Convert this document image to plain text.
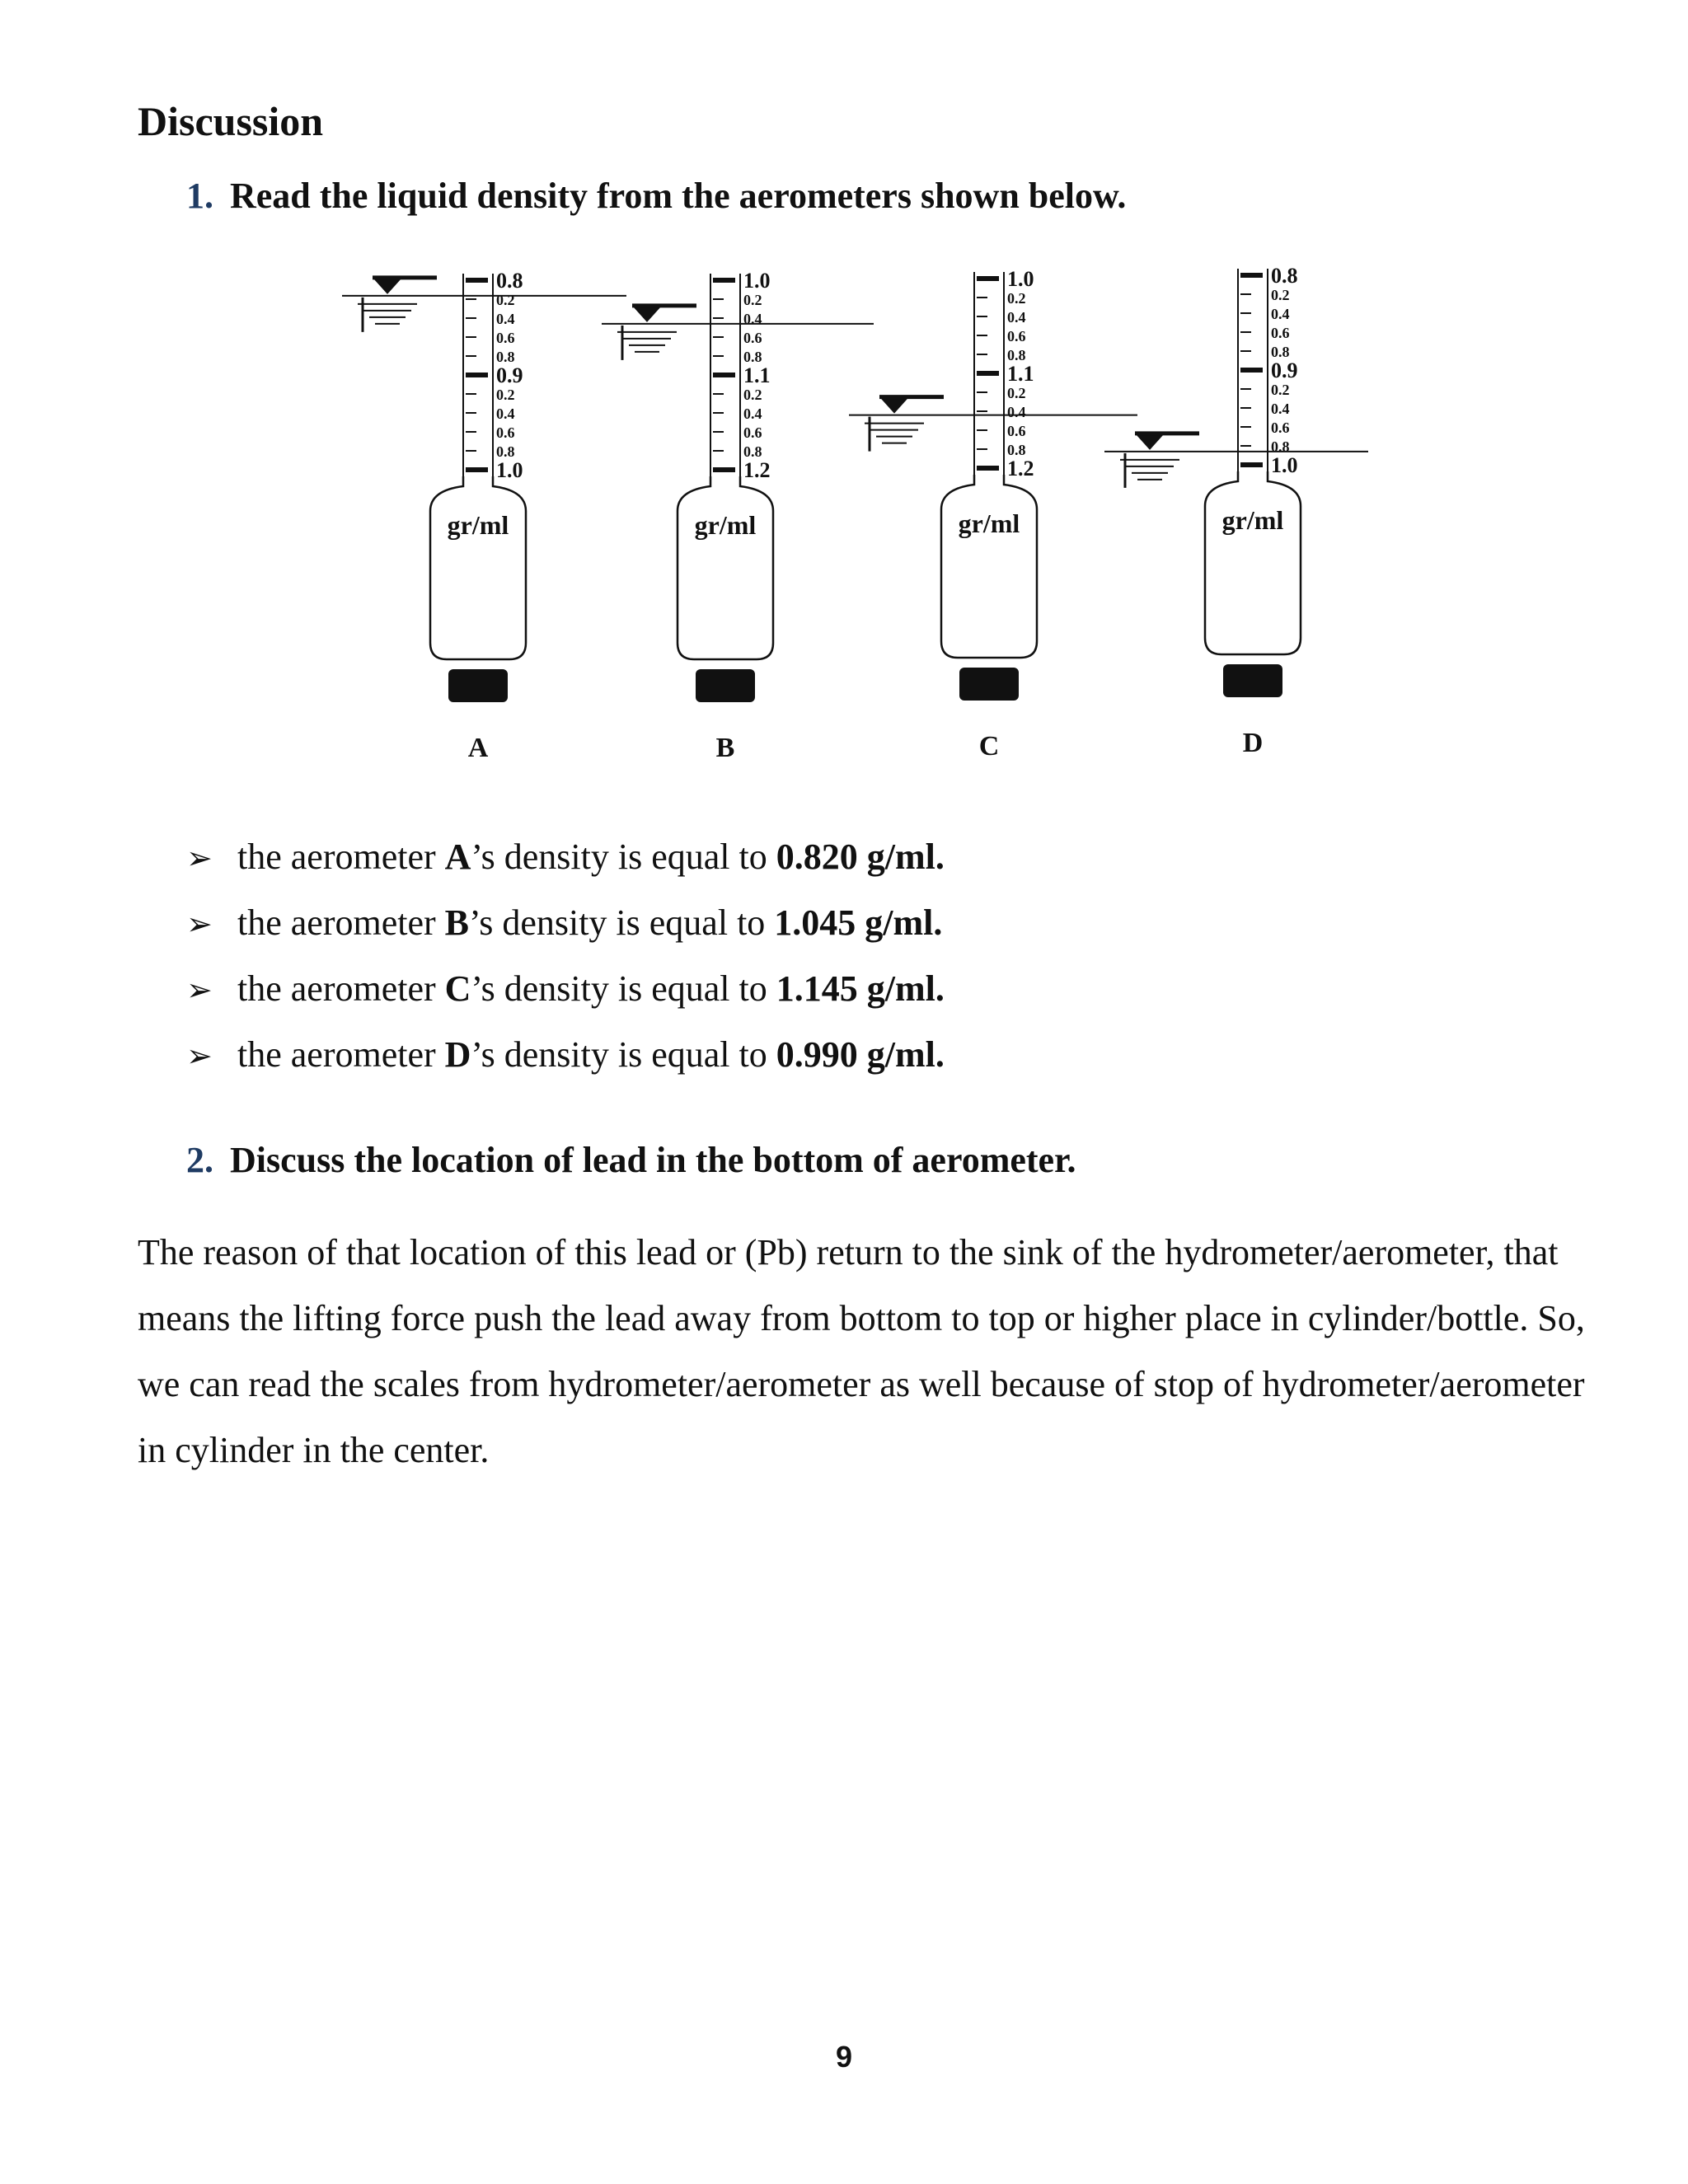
Discussion

1. Read the liquid density from the aerometers shown below.

0.8
0.2
0.4
0.6
0.8
0.9
0.2
0.4
0.6
0.8
1.0
gr/ml
A
1.0
0.2
0.4
0.6
0.8
1.1
0.2
0.4
0.6
0.8
1.2
gr/ml
B
1.0
0.2
0.4
0.6
0.8
1.1
0.2
0.4
0.6
0.8
1.2
gr/ml
C
0.8
0.2
0.4
0.6
0.8
0.9
0.2
0.4
0.6
0.8
1.0
gr/ml
D
➢ the aerometer A’s density is equal to 0.820 g/ml.
➢ the aerometer B’s density is equal to 1.045 g/ml.
➢ the aerometer C’s density is equal to 1.145 g/ml.
➢ the aerometer D’s density is equal to 0.990 g/ml.

2. Discuss the location of lead in the bottom of aerometer.

The reason of that location of this lead or (Pb) return to the sink of the hydrometer/aerometer, that means the lifting force push the lead away from bottom to top or higher place in cylinder/bottle. So, we can read the scales from hydrometer/aerometer as well because of stop of hydrometer/aerometer in cylinder in the center.

9
